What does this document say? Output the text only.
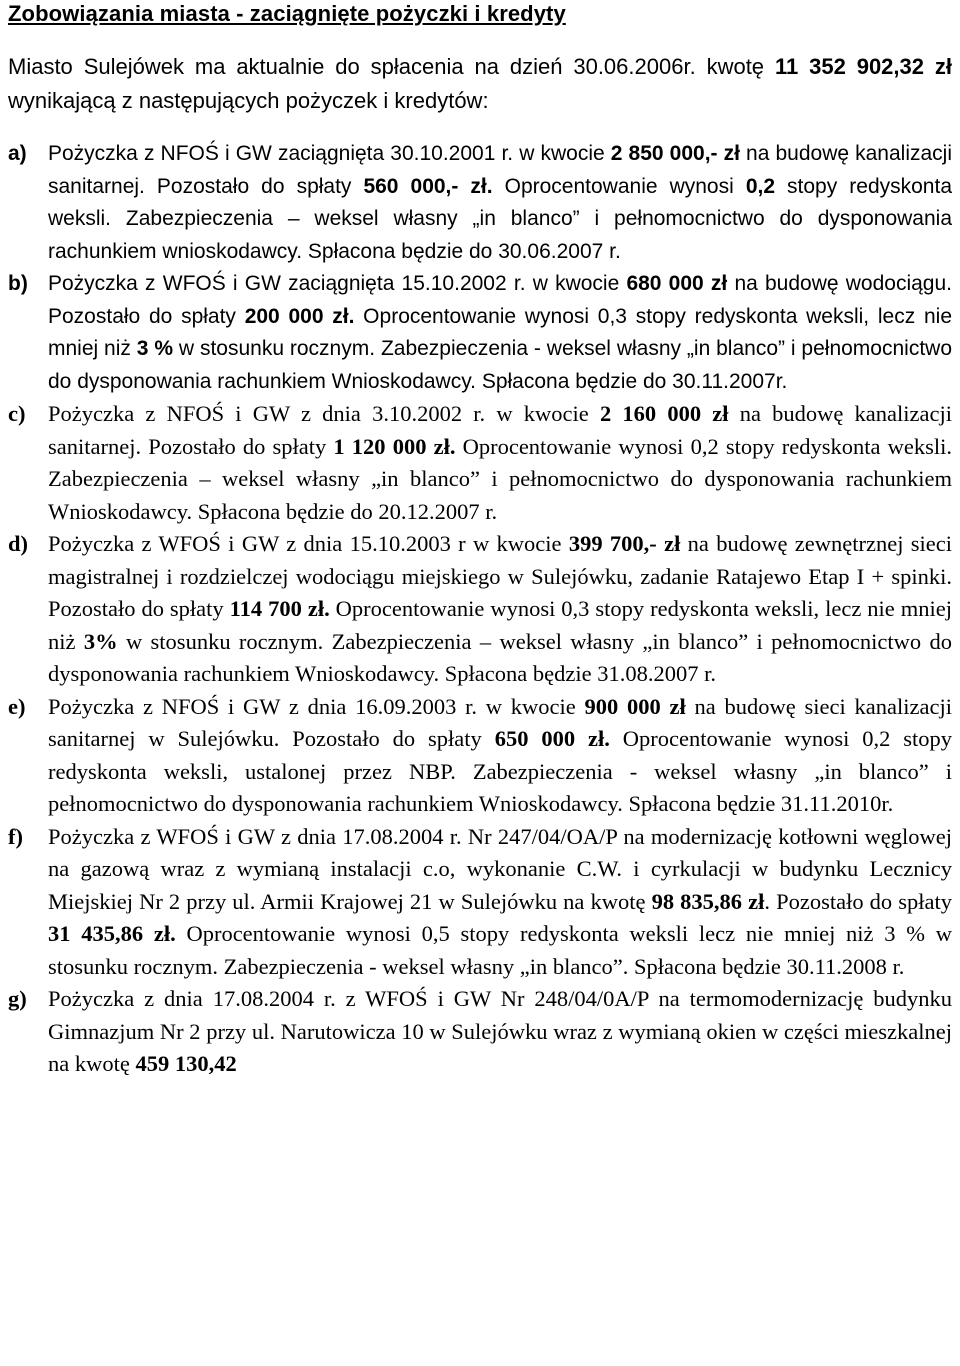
Zobowiązania miasta - zaciągnięte pożyczki i kredyty

Miasto Sulejówek ma aktualnie do spłacenia na dzień 30.06.2006r. kwotę 11 352 902,32 zł wynikającą z następujących pożyczek i kredytów:

a)	Pożyczka z NFOŚ i GW zaciągnięta 30.10.2001 r. w kwocie 2 850 000,- zł na budowę kanalizacji sanitarnej. Pozostało do spłaty 560 000,- zł. Oprocentowanie wynosi 0,2 stopy redyskonta weksli. Zabezpieczenia – weksel własny „in blanco” i pełnomocnictwo do dysponowania rachunkiem wnioskodawcy. Spłacona będzie do 30.06.2007 r.
b) Pożyczka z WFOŚ i GW zaciągnięta 15.10.2002 r. w kwocie 680 000 zł na budowę wodociągu. Pozostało do spłaty 200 000 zł. Oprocentowanie wynosi 0,3 stopy redyskonta weksli, lecz nie mniej niż 3 % w stosunku rocznym. Zabezpieczenia - weksel własny „in blanco” i pełnomocnictwo do dysponowania rachunkiem Wnioskodawcy. Spłacona będzie do 30.11.2007r.
c)	Pożyczka z NFOŚ i GW z dnia 3.10.2002 r. w kwocie 2 160 000 zł na budowę kanalizacji sanitarnej. Pozostało do spłaty 1 120 000 zł. Oprocentowanie wynosi 0,2 stopy redyskonta weksli. Zabezpieczenia – weksel własny „in blanco” i pełnomocnictwo do dysponowania rachunkiem Wnioskodawcy. Spłacona będzie do 20.12.2007 r.
d) Pożyczka z WFOŚ i GW z dnia 15.10.2003 r w kwocie 399 700,- zł na budowę zewnętrznej sieci magistralnej i rozdzielczej wodociągu miejskiego w Sulejówku, zadanie Ratajewo Etap I + spinki. Pozostało do spłaty 114 700 zł. Oprocentowanie wynosi 0,3 stopy redyskonta weksli, lecz nie mniej niż 3% w stosunku rocznym. Zabezpieczenia – weksel własny „in blanco” i pełnomocnictwo do dysponowania rachunkiem Wnioskodawcy. Spłacona będzie 31.08.2007 r.
e)	Pożyczka z NFOŚ i GW z dnia 16.09.2003 r. w kwocie 900 000 zł na budowę sieci kanalizacji sanitarnej w Sulejówku. Pozostało do spłaty 650 000 zł. Oprocentowanie wynosi 0,2 stopy redyskonta weksli, ustalonej przez NBP. Zabezpieczenia - weksel własny „in blanco” i pełnomocnictwo do dysponowania rachunkiem Wnioskodawcy. Spłacona będzie 31.11.2010r.
f)	Pożyczka z WFOŚ i GW z dnia 17.08.2004 r. Nr 247/04/OA/P na modernizację kotłowni węglowej na gazową wraz z wymianą instalacji c.o, wykonanie C.W. i cyrkulacji w budynku Lecznicy Miejskiej Nr 2 przy ul. Armii Krajowej 21 w Sulejówku na kwotę 98 835,86 zł. Pozostało do spłaty 31 435,86 zł. Oprocentowanie wynosi 0,5 stopy redyskonta weksli lecz nie mniej niż 3 % w stosunku rocznym. Zabezpieczenia - weksel własny „in blanco”. Spłacona będzie 30.11.2008 r.
g) Pożyczka z dnia 17.08.2004 r. z WFOŚ i GW Nr 248/04/0A/P na termomodernizację budynku Gimnazjum Nr 2 przy ul. Narutowicza 10 w Sulejówku wraz z wymianą okien w części mieszkalnej na kwotę 459 130,42
